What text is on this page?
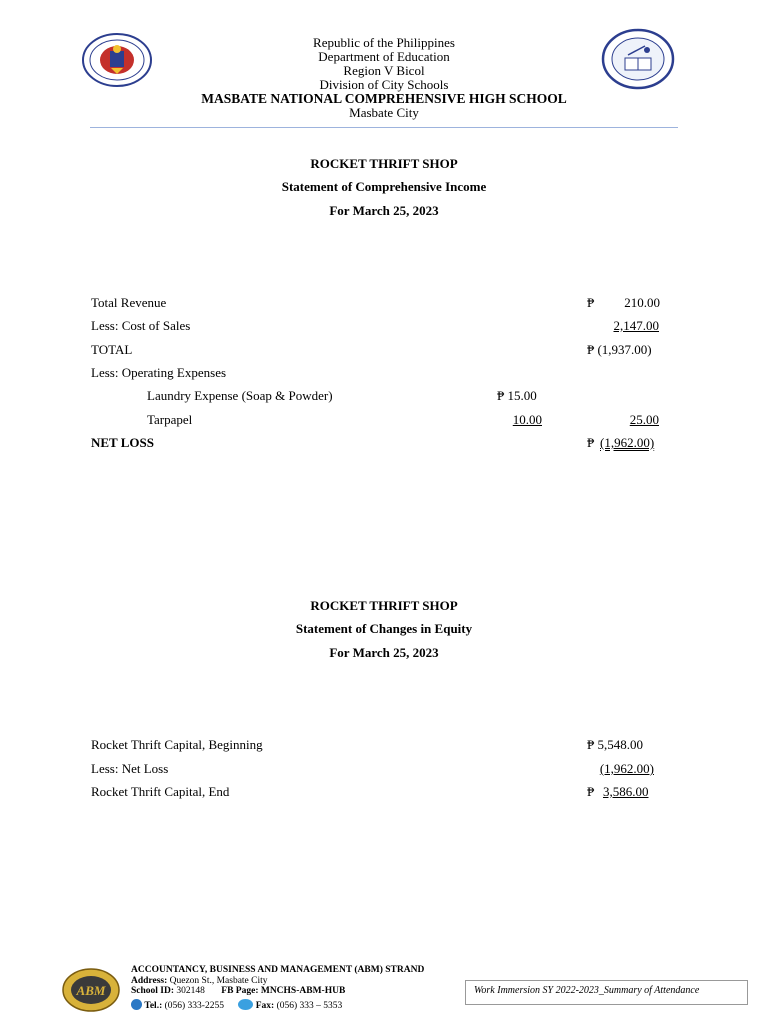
Republic of the Philippines
Department of Education
Region V Bicol
Division of City Schools
MASBATE NATIONAL COMPREHENSIVE HIGH SCHOOL
Masbate City
ROCKET THRIFT SHOP
Statement of Comprehensive Income
For March 25, 2023
Total Revenue	₱	210.00
Less: Cost of Sales	2,147.00
TOTAL	₱ (1,937.00)
Less: Operating Expenses
Laundry Expense (Soap & Powder)	₱ 15.00
Tarpapel	10.00	25.00
NET LOSS	₱ (1,962.00)
ROCKET THRIFT SHOP
Statement of Changes in Equity
For March 25, 2023
Rocket Thrift Capital, Beginning	₱ 5,548.00
Less: Net Loss	(1,962.00)
Rocket Thrift Capital, End	₱ 3,586.00
ABM
ACCOUNTANCY, BUSINESS AND MANAGEMENT (ABM) STRAND
Address: Quezon St., Masbate City
School ID: 302148 FB Page: MNCHS-ABM-HUB
Tel.: (056) 333-2255	Fax: (056) 333 – 5353
Work Immersion SY 2022-2023_Summary of Attendance
